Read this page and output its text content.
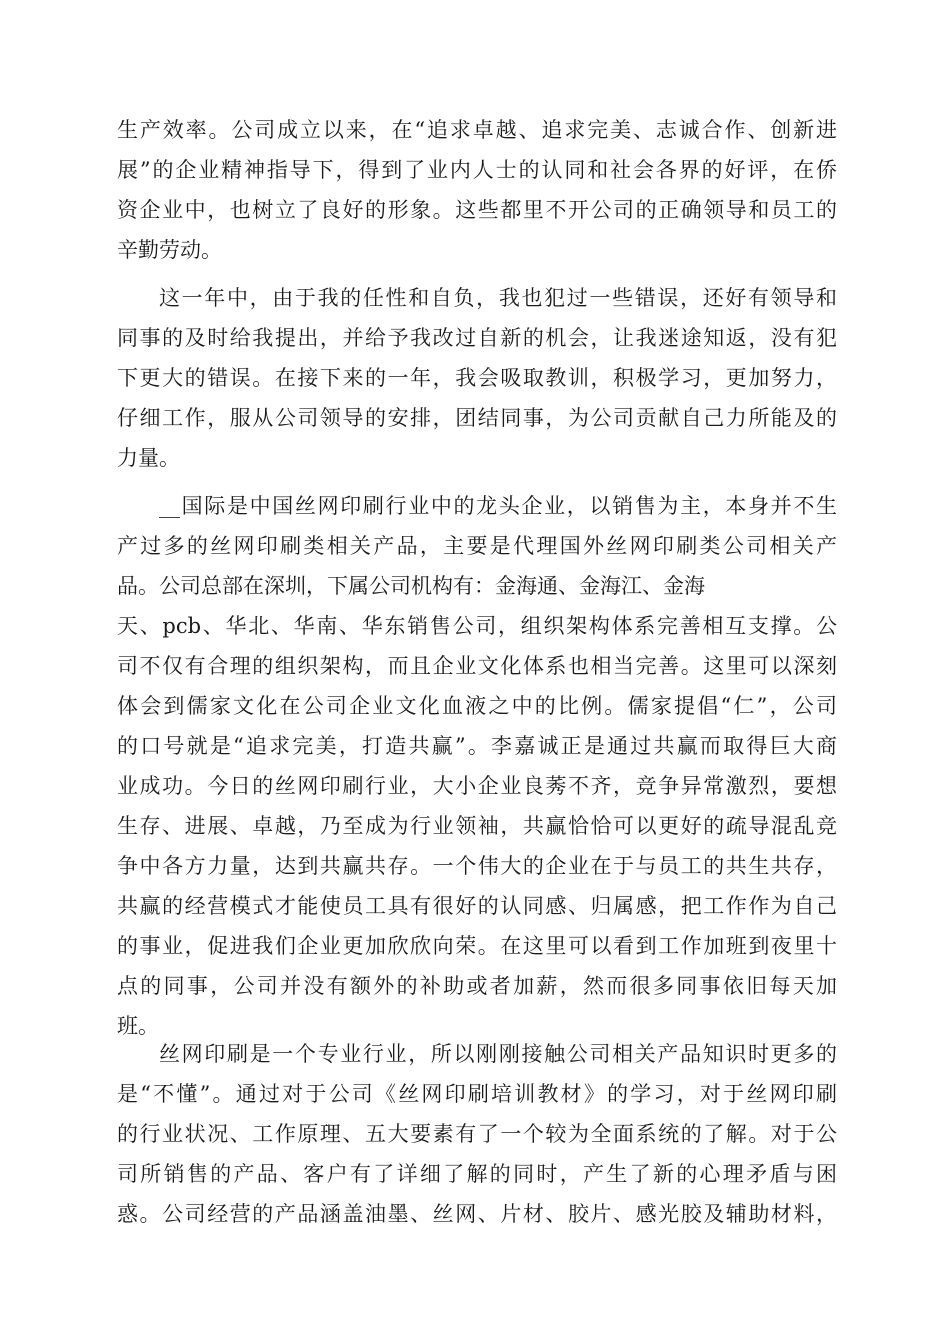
生产效率。公司成立以来，在“追求卓越、追求完美、志诚合作、创新进
展”的企业精神指导下，得到了业内人士的认同和社会各界的好评，在侨
资企业中，也树立了良好的形象。这些都里不开公司的正确领导和员工的
辛勤劳动。

这一年中，由于我的任性和自负，我也犯过一些错误，还好有领导和
同事的及时给我提出，并给予我改过自新的机会，让我迷途知返，没有犯
下更大的错误。在接下来的一年，我会吸取教训，积极学习，更加努力，
仔细工作，服从公司领导的安排，团结同事，为公司贡献自己力所能及的
力量。

__国际是中国丝网印刷行业中的龙头企业，以销售为主，本身并不生
产过多的丝网印刷类相关产品，主要是代理国外丝网印刷类公司相关产
品。公司总部在深圳，下属公司机构有：金海通、金海江、金海
天、pcb、华北、华南、华东销售公司，组织架构体系完善相互支撑。公
司不仅有合理的组织架构，而且企业文化体系也相当完善。这里可以深刻
体会到儒家文化在公司企业文化血液之中的比例。儒家提倡“仁”，公司
的口号就是“追求完美，打造共赢”。李嘉诚正是通过共赢而取得巨大商
业成功。今日的丝网印刷行业，大小企业良莠不齐，竞争异常激烈，要想
生存、进展、卓越，乃至成为行业领袖，共赢恰恰可以更好的疏导混乱竞
争中各方力量，达到共赢共存。一个伟大的企业在于与员工的共生共存，
共赢的经营模式才能使员工具有很好的认同感、归属感，把工作作为自己
的事业，促进我们企业更加欣欣向荣。在这里可以看到工作加班到夜里十
点的同事，公司并没有额外的补助或者加薪，然而很多同事依旧每天加
班。

丝网印刷是一个专业行业，所以刚刚接触公司相关产品知识时更多的
是“不懂”。通过对于公司《丝网印刷培训教材》的学习，对于丝网印刷
的行业状况、工作原理、五大要素有了一个较为全面系统的了解。对于公
司所销售的产品、客户有了详细了解的同时，产生了新的心理矛盾与困
惑。公司经营的产品涵盖油墨、丝网、片材、胶片、感光胶及辅助材料，
